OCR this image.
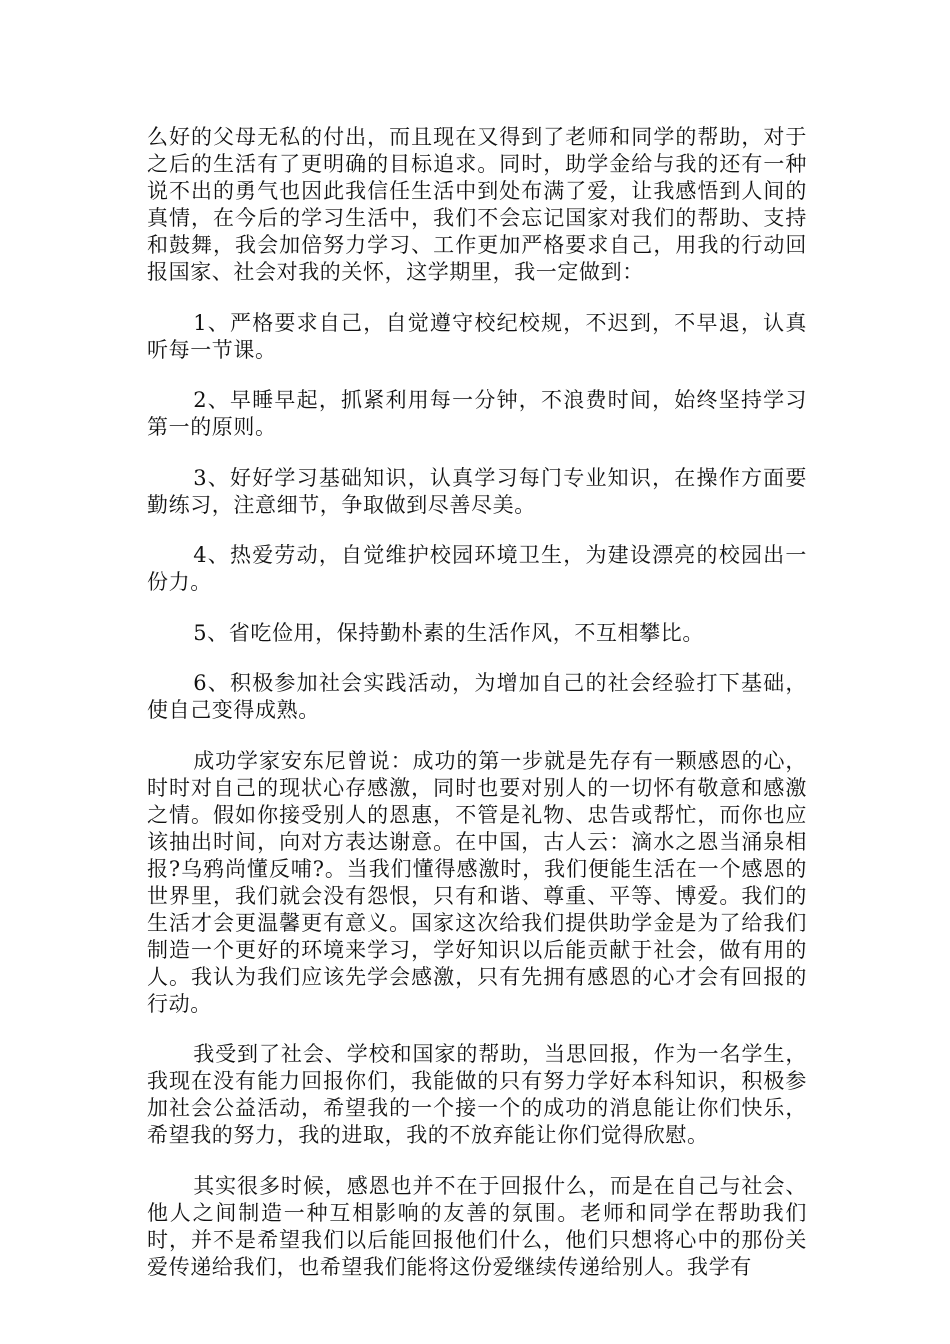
么好的父母无私的付出，而且现在又得到了老师和同学的帮助，对于之后的生活有了更明确的目标追求。同时，助学金给与我的还有一种说不出的勇气也因此我信任生活中到处布满了爱，让我感悟到人间的真情，在今后的学习生活中，我们不会忘记国家对我们的帮助、支持和鼓舞，我会加倍努力学习、工作更加严格要求自己，用我的行动回报国家、社会对我的关怀，这学期里，我一定做到：

1、严格要求自己，自觉遵守校纪校规，不迟到，不早退，认真听每一节课。

2、早睡早起，抓紧利用每一分钟，不浪费时间，始终坚持学习第一的原则。

3、好好学习基础知识，认真学习每门专业知识，在操作方面要勤练习，注意细节，争取做到尽善尽美。

4、热爱劳动，自觉维护校园环境卫生，为建设漂亮的校园出一份力。

5、省吃俭用，保持勤朴素的生活作风，不互相攀比。

6、积极参加社会实践活动，为增加自己的社会经验打下基础，使自己变得成熟。

成功学家安东尼曾说：成功的第一步就是先存有一颗感恩的心，时时对自己的现状心存感激，同时也要对别人的一切怀有敬意和感激之情。假如你接受别人的恩惠，不管是礼物、忠告或帮忙，而你也应该抽出时间，向对方表达谢意。在中国，古人云：滴水之恩当涌泉相报?乌鸦尚懂反哺?。当我们懂得感激时，我们便能生活在一个感恩的世界里，我们就会没有怨恨，只有和谐、尊重、平等、博爱。我们的生活才会更温馨更有意义。国家这次给我们提供助学金是为了给我们制造一个更好的环境来学习，学好知识以后能贡献于社会，做有用的人。我认为我们应该先学会感激，只有先拥有感恩的心才会有回报的行动。

我受到了社会、学校和国家的帮助，当思回报，作为一名学生，我现在没有能力回报你们，我能做的只有努力学好本科知识，积极参加社会公益活动，希望我的一个接一个的成功的消息能让你们快乐，希望我的努力，我的进取，我的不放弃能让你们觉得欣慰。

其实很多时候，感恩也并不在于回报什么，而是在自己与社会、他人之间制造一种互相影响的友善的氛围。老师和同学在帮助我们时，并不是希望我们以后能回报他们什么，他们只想将心中的那份关爱传递给我们，也希望我们能将这份爱继续传递给别人。我学有
